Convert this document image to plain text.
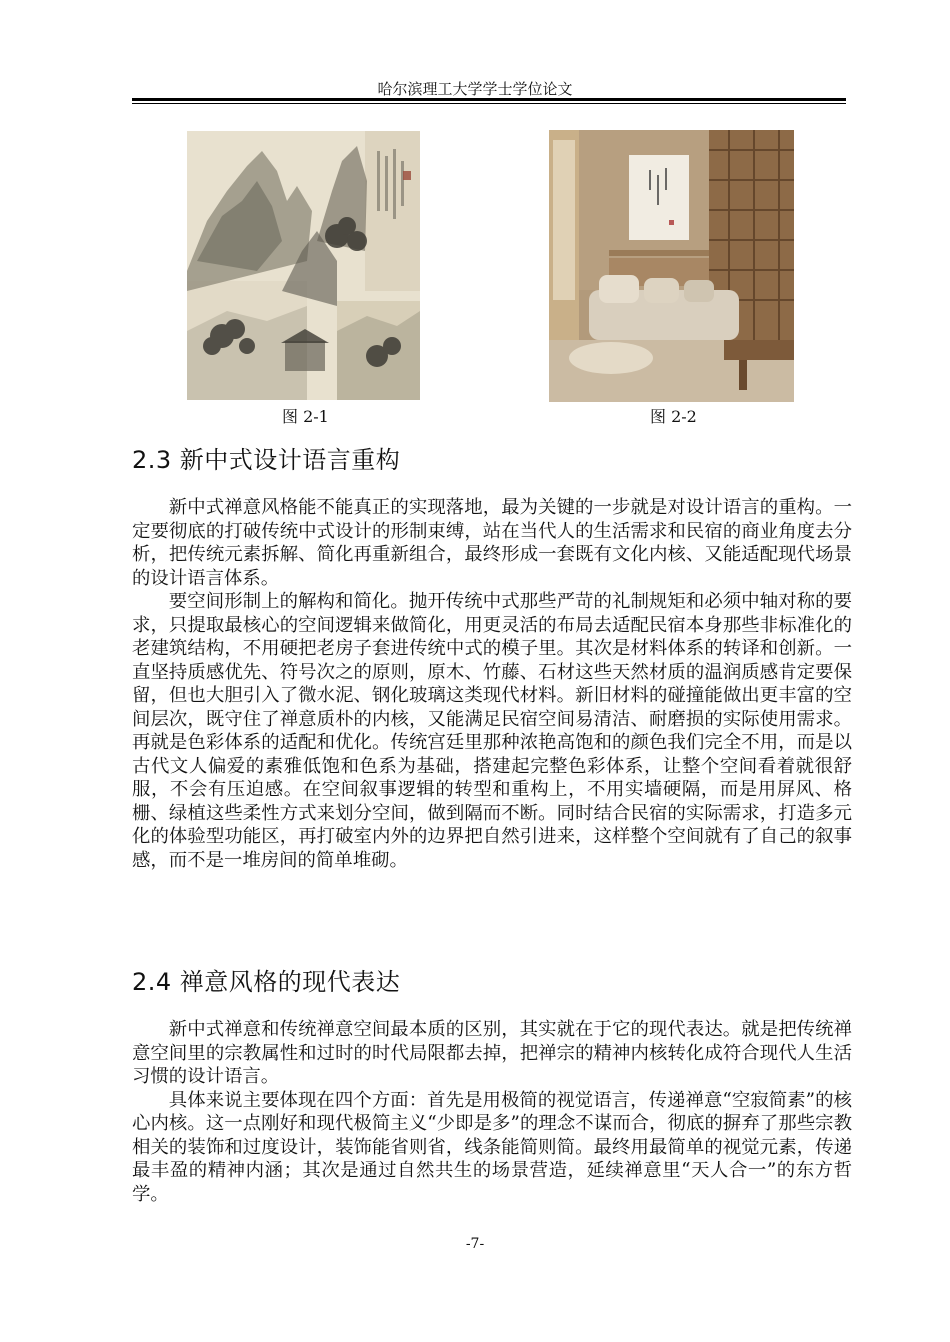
哈尔滨理工大学学士学位论文
图 2-1	图 2-2
2.3 新中式设计语言重构

新中式禅意风格能不能真正的实现落地，最为关键的一步就是对设计语言的重构。一定要彻底的打破传统中式设计的形制束缚，站在当代人的生活需求和民宿的商业角度去分析，把传统元素拆解、简化再重新组合，最终形成一套既有文化内核、又能适配现代场景的设计语言体系。

要空间形制上的解构和简化。抛开传统中式那些严苛的礼制规矩和必须中轴对称的要求，只提取最核心的空间逻辑来做简化，用更灵活的布局去适配民宿本身那些非标准化的老建筑结构，不用硬把老房子套进传统中式的模子里。其次是材料体系的转译和创新。一直坚持质感优先、符号次之的原则，原木、竹藤、石材这些天然材质的温润质感肯定要保留，但也大胆引入了微水泥、钢化玻璃这类现代材料。新旧材料的碰撞能做出更丰富的空间层次，既守住了禅意质朴的内核，又能满足民宿空间易清洁、耐磨损的实际使用需求。再就是色彩体系的适配和优化。传统宫廷里那种浓艳高饱和的颜色我们完全不用，而是以古代文人偏爱的素雅低饱和色系为基础，搭建起完整色彩体系，让整个空间看着就很舒服，不会有压迫感。在空间叙事逻辑的转型和重构上，不用实墙硬隔，而是用屏风、格栅、绿植这些柔性方式来划分空间，做到隔而不断。同时结合民宿的实际需求，打造多元化的体验型功能区，再打破室内外的边界把自然引进来，这样整个空间就有了自己的叙事感，而不是一堆房间的简单堆砌。

2.4 禅意风格的现代表达

新中式禅意和传统禅意空间最本质的区别，其实就在于它的现代表达。就是把传统禅意空间里的宗教属性和过时的时代局限都去掉，把禅宗的精神内核转化成符合现代人生活习惯的设计语言。

具体来说主要体现在四个方面：首先是用极简的视觉语言，传递禅意“空寂简素”的核心内核。这一点刚好和现代极简主义“少即是多”的理念不谋而合，彻底的摒弃了那些宗教相关的装饰和过度设计，装饰能省则省，线条能简则简。最终用最简单的视觉元素，传递最丰盈的精神内涵；其次是通过自然共生的场景营造，延续禅意里“天人合一”的东方哲学。

-7-
